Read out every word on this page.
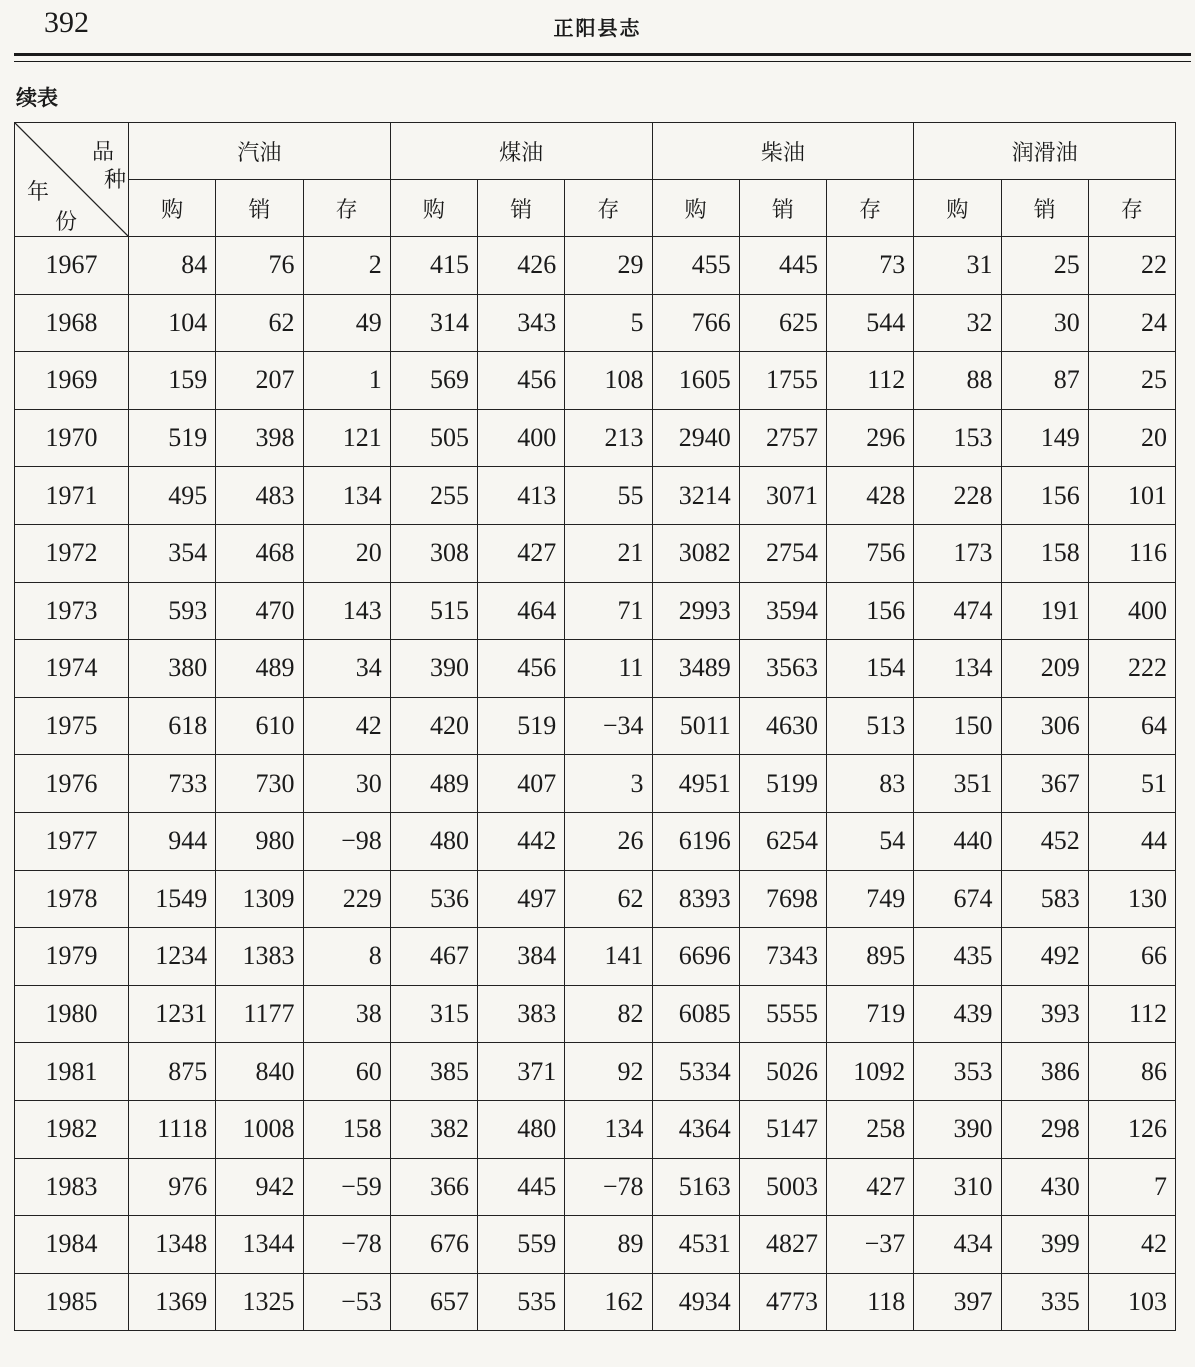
392	正阳县志
续表
品
种
年
份	汽油			煤油			柴油			润滑油		
	购	销	存	购	销	存	购	销	存	购	销	存
1967	84	76	2	415	426	29	455	445	73	31	25	22
1968	104	62	49	314	343	5	766	625	544	32	30	24
1969	159	207	1	569	456	108	1605	1755	112	88	87	25
1970	519	398	121	505	400	213	2940	2757	296	153	149	20
1971	495	483	134	255	413	55	3214	3071	428	228	156	101
1972	354	468	20	308	427	21	3082	2754	756	173	158	116
1973	593	470	143	515	464	71	2993	3594	156	474	191	400
1974	380	489	34	390	456	11	3489	3563	154	134	209	222
1975	618	610	42	420	519	−34	5011	4630	513	150	306	64
1976	733	730	30	489	407	3	4951	5199	83	351	367	51
1977	944	980	−98	480	442	26	6196	6254	54	440	452	44
1978	1549	1309	229	536	497	62	8393	7698	749	674	583	130
1979	1234	1383	8	467	384	141	6696	7343	895	435	492	66
1980	1231	1177	38	315	383	82	6085	5555	719	439	393	112
1981	875	840	60	385	371	92	5334	5026	1092	353	386	86
1982	1118	1008	158	382	480	134	4364	5147	258	390	298	126
1983	976	942	−59	366	445	−78	5163	5003	427	310	430	7
1984	1348	1344	−78	676	559	89	4531	4827	−37	434	399	42
1985	1369	1325	−53	657	535	162	4934	4773	118	397	335	103
